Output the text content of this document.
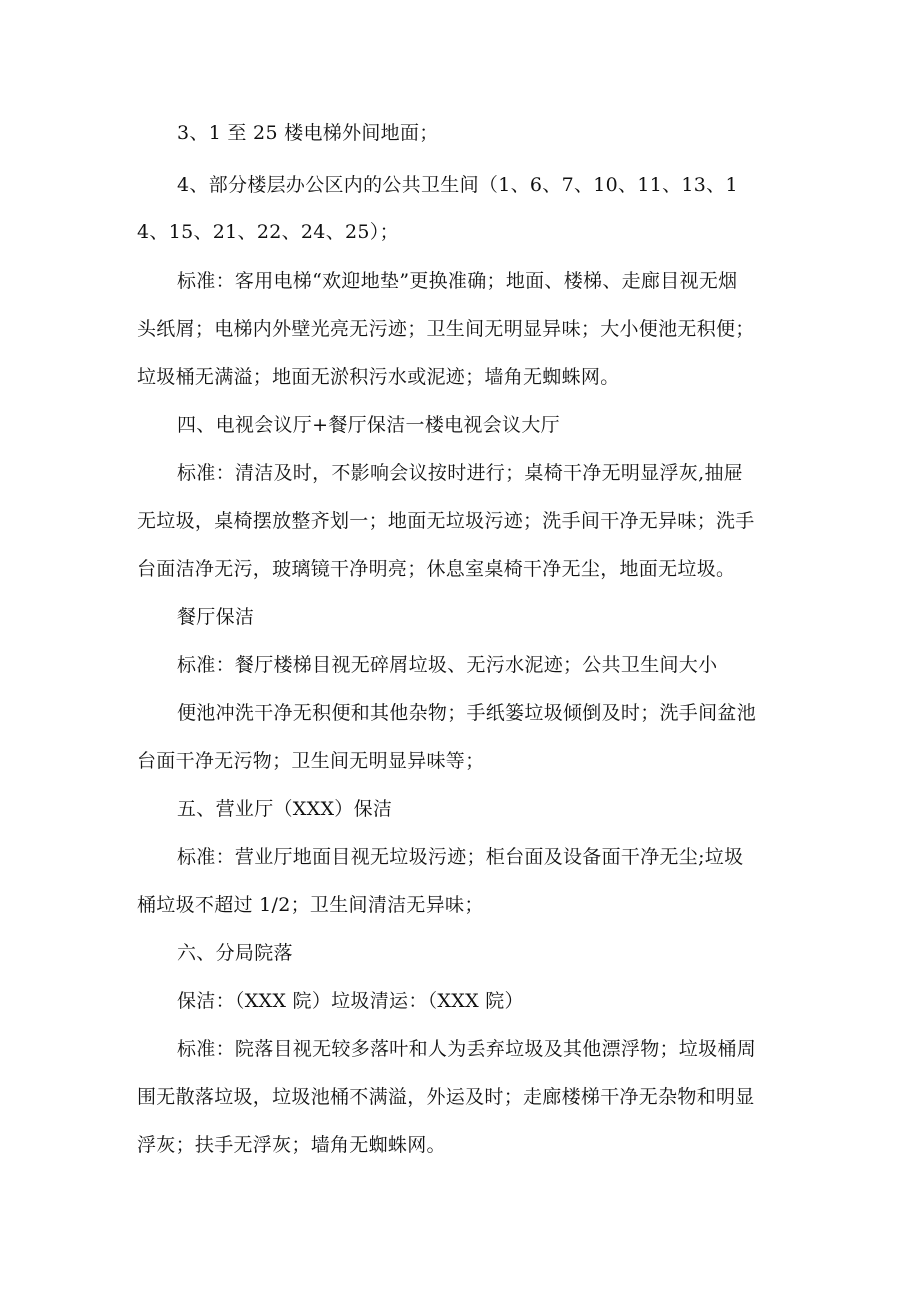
3、1 至 25 楼电梯外间地面；
4、部分楼层办公区内的公共卫生间（1、6、7、10、11、13、1
4、15、21、22、24、25）；
标准：客用电梯“欢迎地垫”更换准确；地面、楼梯、走廊目视无烟
头纸屑；电梯内外壁光亮无污迹；卫生间无明显异味；大小便池无积便；
垃圾桶无满溢；地面无淤积污水或泥迹；墙角无蜘蛛网。
四、电视会议厅+餐厅保洁一楼电视会议大厅
标准：清洁及时，不影响会议按时进行；桌椅干净无明显浮灰,抽屉
无垃圾，桌椅摆放整齐划一；地面无垃圾污迹；洗手间干净无异味；洗手
台面洁净无污，玻璃镜干净明亮；休息室桌椅干净无尘，地面无垃圾。
餐厅保洁
标准：餐厅楼梯目视无碎屑垃圾、无污水泥迹；公共卫生间大小
便池冲洗干净无积便和其他杂物；手纸篓垃圾倾倒及时；洗手间盆池
台面干净无污物；卫生间无明显异味等；
五、营业厅（XXX）保洁
标准：营业厅地面目视无垃圾污迹；柜台面及设备面干净无尘;垃圾
桶垃圾不超过 1/2；卫生间清洁无异味；
六、分局院落
保洁：（XXX 院）垃圾清运：（XXX 院）
标准：院落目视无较多落叶和人为丢弃垃圾及其他漂浮物；垃圾桶周
围无散落垃圾，垃圾池桶不满溢，外运及时；走廊楼梯干净无杂物和明显
浮灰；扶手无浮灰；墙角无蜘蛛网。
